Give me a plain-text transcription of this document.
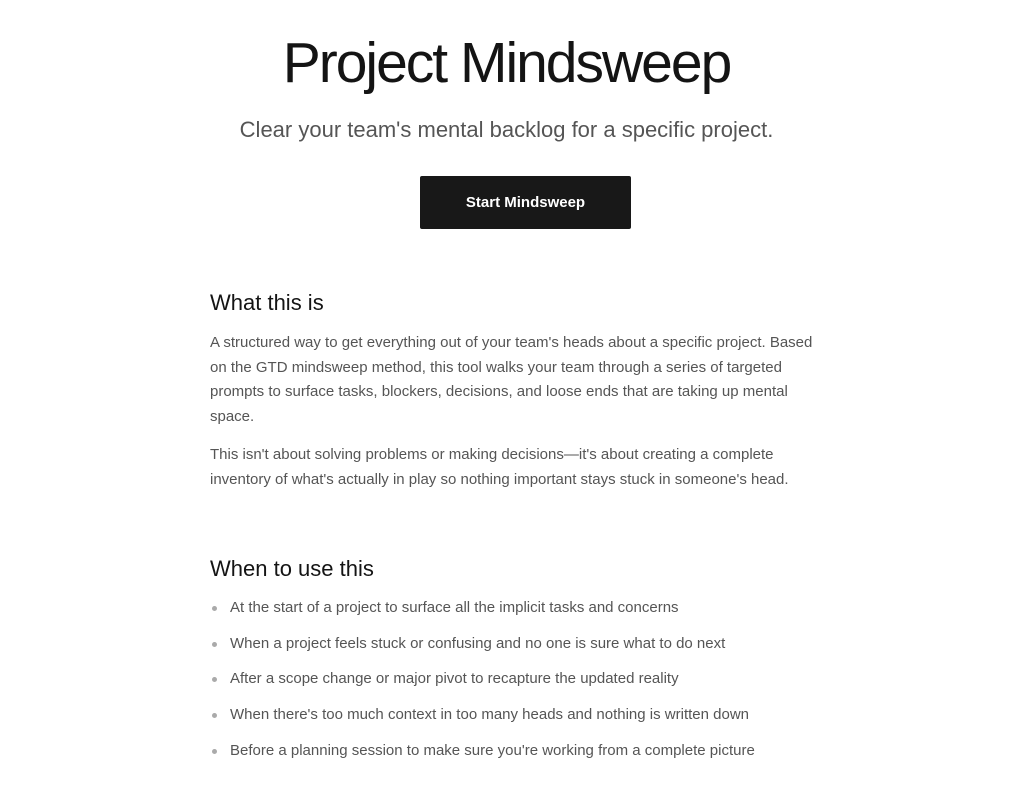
Project Mindsweep
Clear your team's mental backlog for a specific project.
Start Mindsweep
What this is

A structured way to get everything out of your team's heads about a specific project. Based on the GTD mindsweep method, this tool walks your team through a series of targeted prompts to surface tasks, blockers, decisions, and loose ends that are taking up mental space.

This isn't about solving problems or making decisions—it's about creating a complete inventory of what's actually in play so nothing important stays stuck in someone's head.

When to use this
At the start of a project to surface all the implicit tasks and concerns
When a project feels stuck or confusing and no one is sure what to do next
After a scope change or major pivot to recapture the updated reality
When there's too much context in too many heads and nothing is written down
Before a planning session to make sure you're working from a complete picture
